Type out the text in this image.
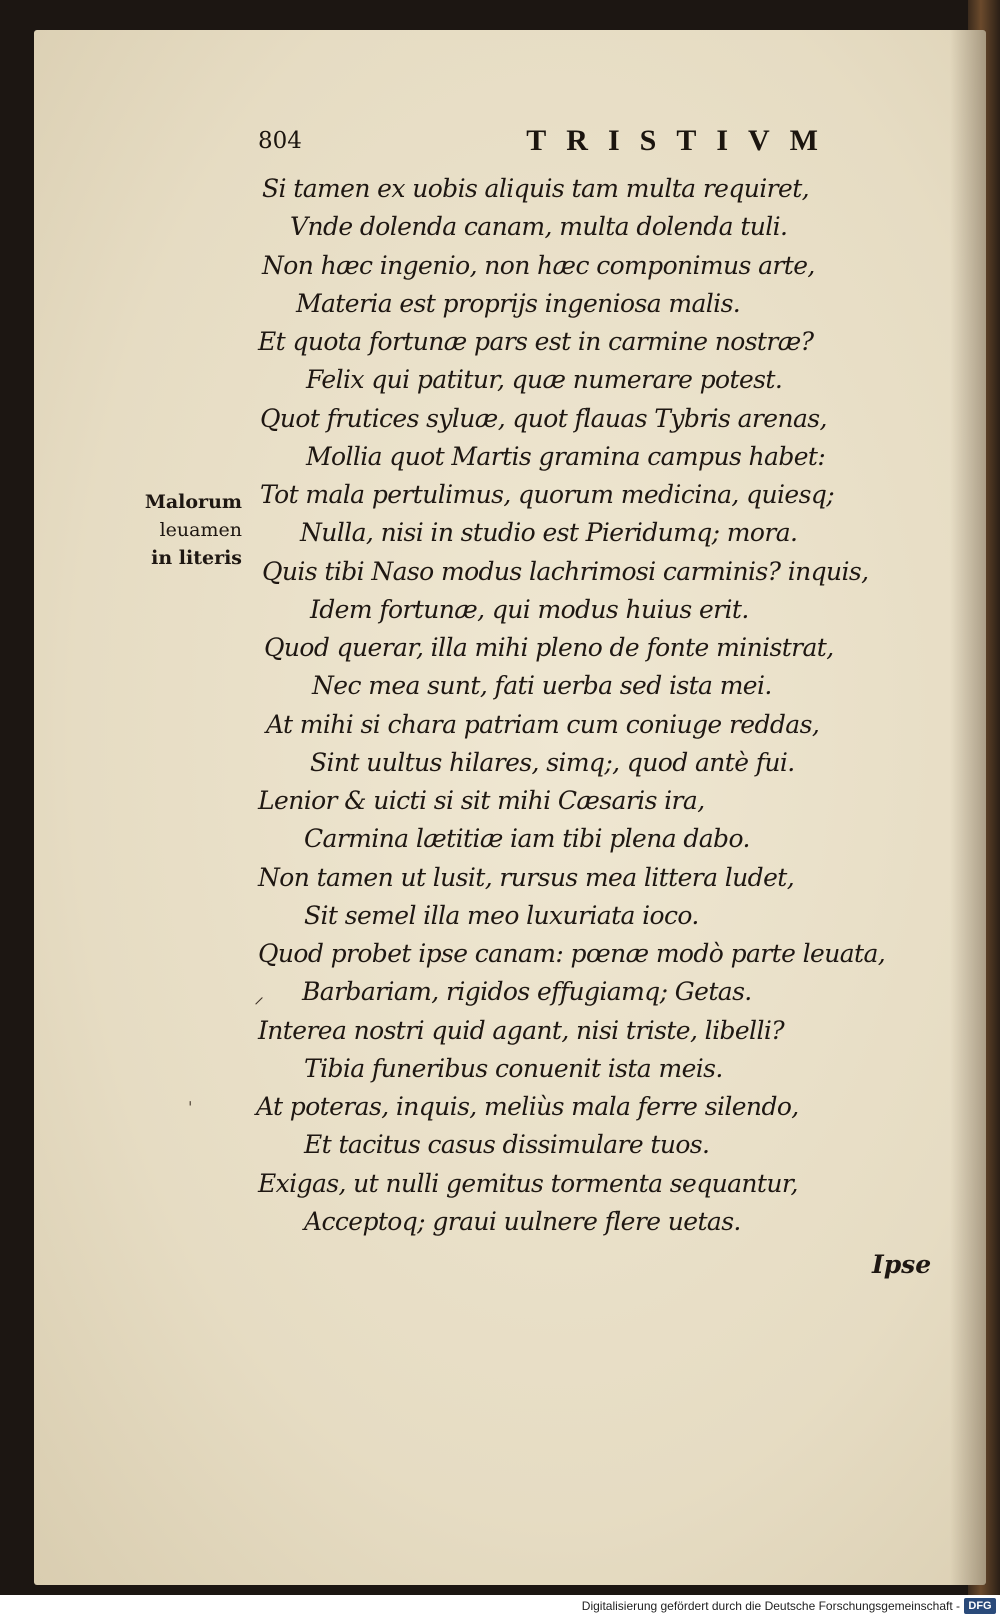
804	TRISTIVM
Malorum
leuamen
in literis
Si tamen ex uobis aliquis tam multa requiret,
Vnde dolenda canam, multa dolenda tuli.
Non hæc ingenio, non hæc componimus arte,
Materia est proprijs ingeniosa malis.
Et quota fortunæ pars est in carmine nostræ?
Felix qui patitur, quæ numerare potest.
Quot frutices syluæ, quot flauas Tybris arenas,
Mollia quot Martis gramina campus habet:
Tot mala pertulimus, quorum medicina, quiesq;
Nulla, nisi in studio est Pieridumq; mora.
Quis tibi Naso modus lachrimosi carminis? inquis,
Idem fortunæ, qui modus huius erit.
Quod querar, illa mihi pleno de fonte ministrat,
Nec mea sunt, fati uerba sed ista mei.
At mihi si chara patriam cum coniuge reddas,
Sint uultus hilares, simq;, quod antè fui.
Lenior & uicti si sit mihi Cæsaris ira,
Carmina lætitiæ iam tibi plena dabo.
Non tamen ut lusit, rursus mea littera ludet,
Sit semel illa meo luxuriata ioco.
Quod probet ipse canam: pœnæ modò parte leuata,
Barbariam, rigidos effugiamq; Getas.
Interea nostri quid agant, nisi triste, libelli?
Tibia funeribus conuenit ista meis.
At poteras, inquis, meliùs mala ferre silendo,
Et tacitus casus dissimulare tuos.
Exigas, ut nulli gemitus tormenta sequantur,
Acceptoq; graui uulnere flere uetas.
⸝
ˌ
Ipse
Digitalisierung gefördert durch die Deutsche Forschungsgemeinschaft - DFG
